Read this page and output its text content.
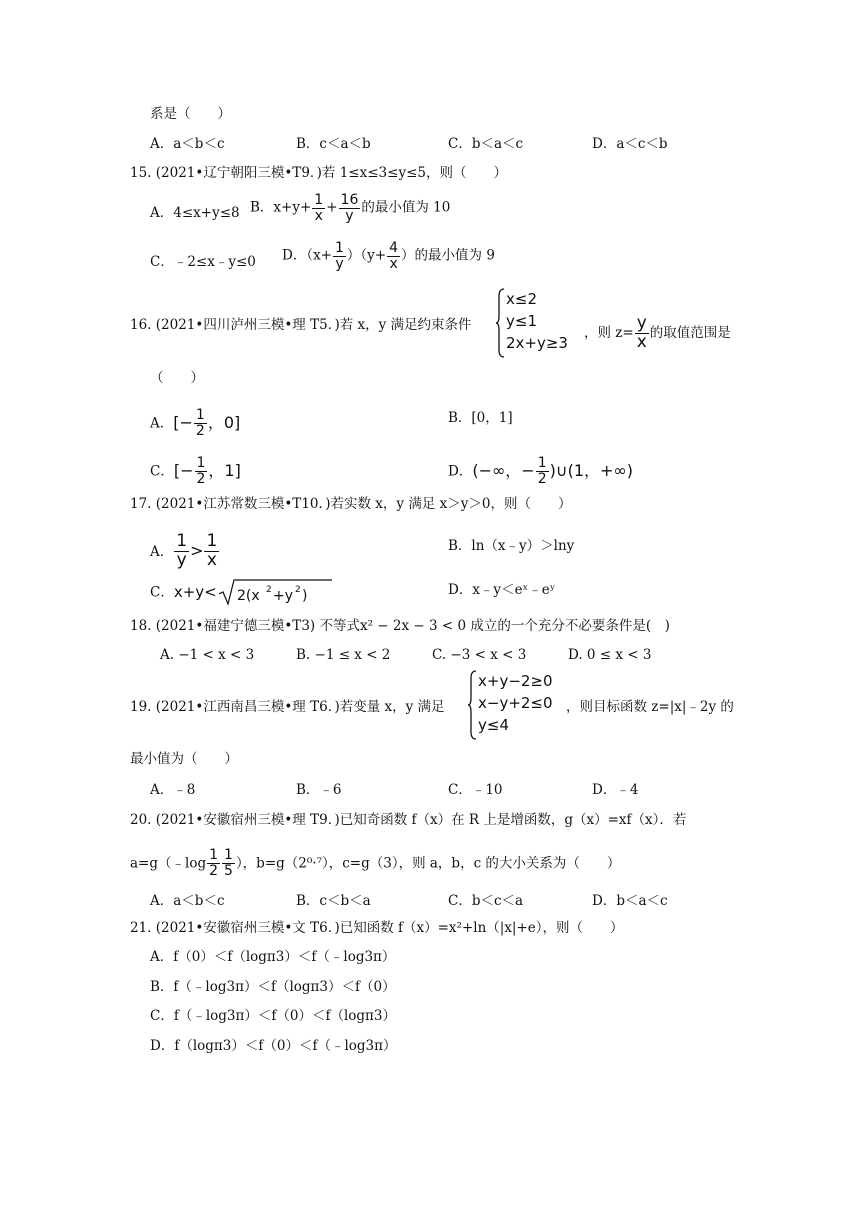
系是（　　）
A．a＜b＜c	B．c＜a＜b	C．b＜a＜c	D．a＜c＜b
15. (2021•辽宁朝阳三模•T9．)若 1≤x≤3≤y≤5，则（　　）
A．4≤x+y≤8 B．$x+y+ \frac{1}{x} + \frac{16}{y}$ 的最小值为 10
C．﹣2≤x﹣y≤0 D．$(x+ \frac{1}{y} )(y+ \frac{4}{x}$ ）的最小值为 9
16. (2021•四川泸州三模•理 T5．)若 x，y 满足约束条件
x≤2
y≤1
2x+y≥3
，则 $z= \frac{y}{x}$ 的取值范围是
（　　）
A．[− $\frac{1}{2}$ ，0]	B．[0，1]
C．[− $\frac{1}{2}$ ，1]	D．(−∞，− $\frac{1}{2}$ )∪(1，+∞)
17. (2021•江苏常数三模•T10．)若实数 x，y 满足 x＞y＞0，则（　　）
A． $\frac{1}{y} > \frac{1}{x}$	B．ln（x﹣y）＞lny
C．x+y< 2(x 2 +y 2 )	D．x﹣y＜eˣ﹣eʸ
18. (2021•福建宁德三模•T3) 不等式x² − 2x − 3 < 0 成立的一个充分不必要条件是(　)
A. −1 < x < 3	B. −1 ≤ x < 2	C. −3 < x < 3	D. 0 ≤ x < 3
19. (2021•江西南昌三模•理 T6．)若变量 x，y 满足
x+y−2≥0
x−y+2≤0
y≤4
，则目标函数 z=|x|﹣2y 的
最小值为（　　）
A．﹣8	B．﹣6	C．﹣10	D．﹣4
20. (2021•安徽宿州三模•理 T9．)已知奇函数 f（x）在 R 上是增函数，g（x）=xf（x）．若
a=g（﹣log $\frac{1}{2} \frac{1}{5}$ ），b=g（2⁰·⁷），c=g（3），则 a，b，c 的大小关系为（　　）
A．a＜b＜c	B．c＜b＜a	C．b＜c＜a	D．b＜a＜c
21. (2021•安徽宿州三模•文 T6．)已知函数 f（x）=x²+ln（|x|+e），则（　　）
A．f（0）＜f（logπ3）＜f（﹣log3π）
B．f（﹣log3π）＜f（logπ3）＜f（0）
C．f（﹣log3π）＜f（0）＜f（logπ3）
D．f（logπ3）＜f（0）＜f（﹣log3π）
